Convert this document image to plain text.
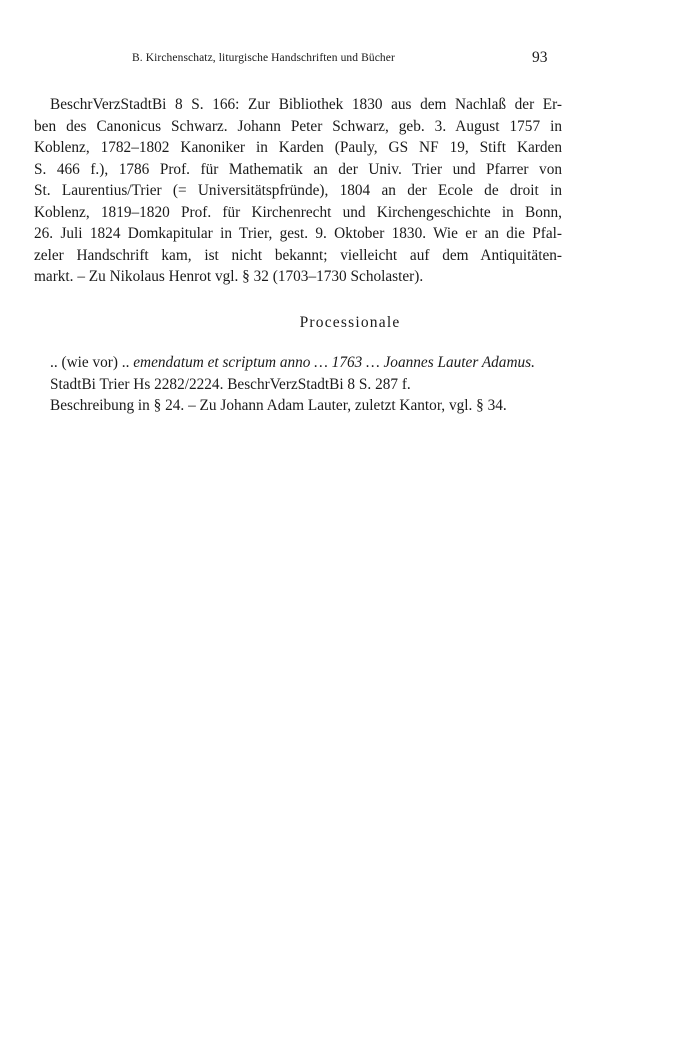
B. Kirchenschatz, liturgische Handschriften und Bücher	93
BeschrVerzStadtBi 8 S. 166: Zur Bibliothek 1830 aus dem Nachlaß der Er-
ben des Canonicus Schwarz. Johann Peter Schwarz, geb. 3. August 1757 in
Koblenz, 1782–1802 Kanoniker in Karden (Pauly, GS NF 19, Stift Karden
S. 466 f.), 1786 Prof. für Mathematik an der Univ. Trier und Pfarrer von
St. Laurentius/Trier (= Universitätspfründe), 1804 an der Ecole de droit in
Koblenz, 1819–1820 Prof. für Kirchenrecht und Kirchengeschichte in Bonn,
26. Juli 1824 Domkapitular in Trier, gest. 9. Oktober 1830. Wie er an die Pfal-
zeler Handschrift kam, ist nicht bekannt; vielleicht auf dem Antiquitäten-
markt. – Zu Nikolaus Henrot vgl. § 32 (1703–1730 Scholaster).
Processionale
.. (wie vor) .. emendatum et scriptum anno … 1763 … Joannes Lauter Adamus.
StadtBi Trier Hs 2282/2224. BeschrVerzStadtBi 8 S. 287 f.
Beschreibung in § 24. – Zu Johann Adam Lauter, zuletzt Kantor, vgl. § 34.
